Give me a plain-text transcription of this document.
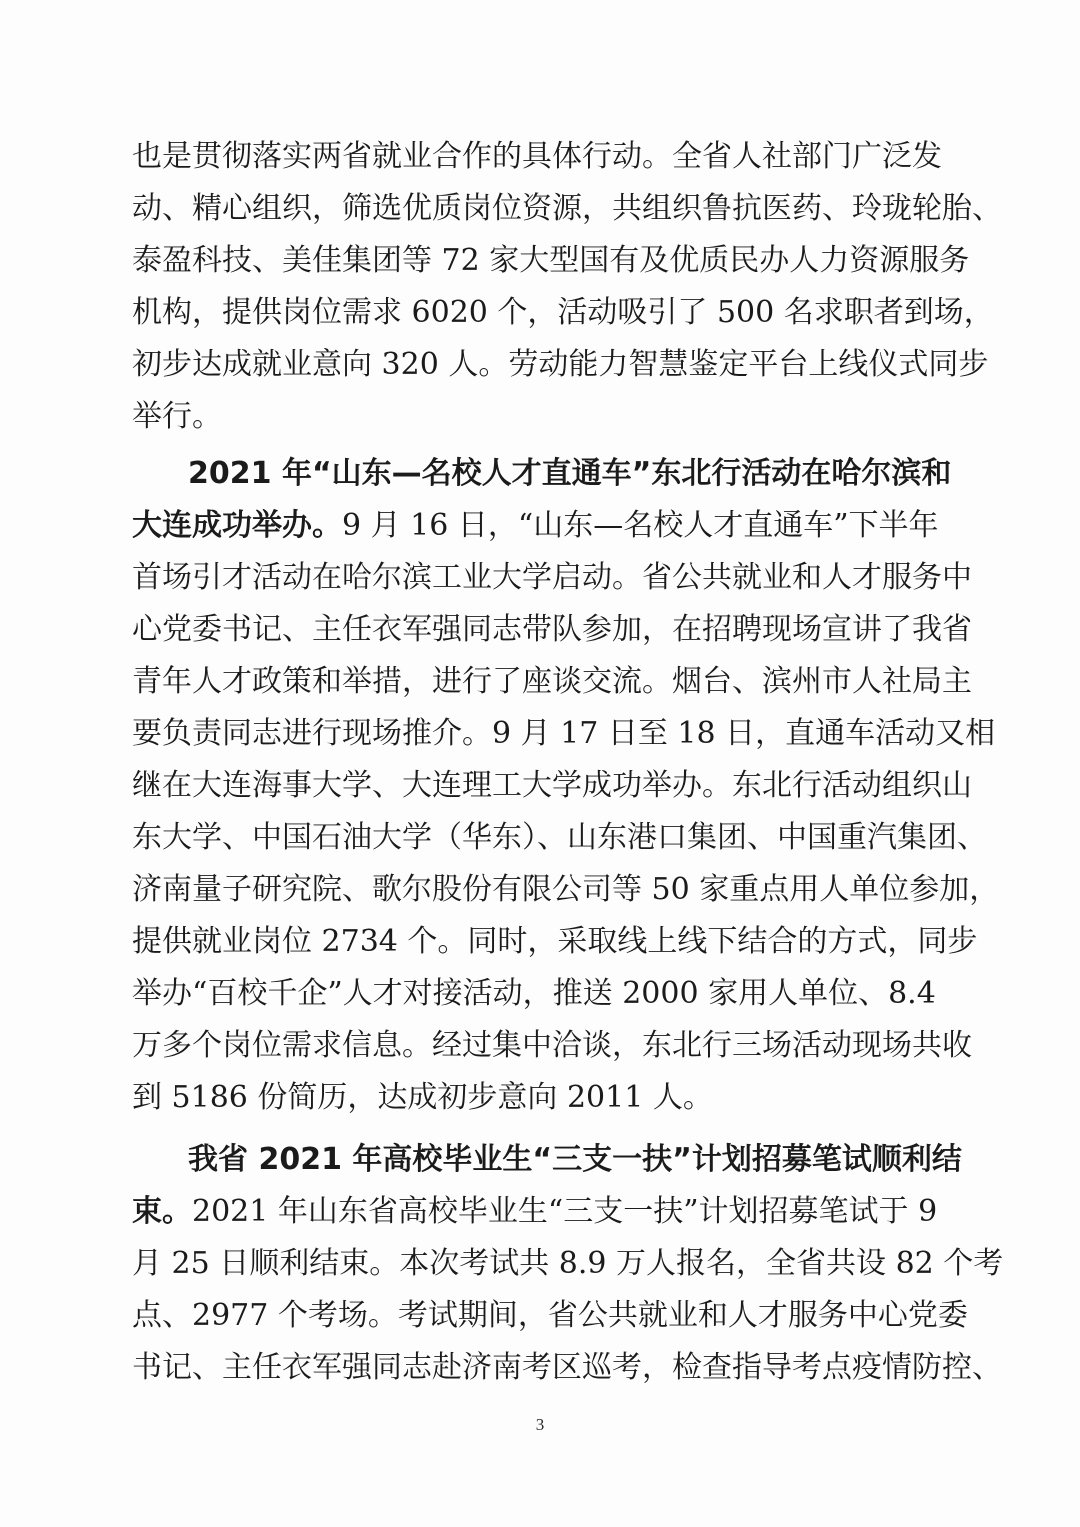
也是贯彻落实两省就业合作的具体行动。全省人社部门广泛发
动、精心组织，筛选优质岗位资源，共组织鲁抗医药、玲珑轮胎、
泰盈科技、美佳集团等 72 家大型国有及优质民办人力资源服务
机构，提供岗位需求 6020 个，活动吸引了 500 名求职者到场，
初步达成就业意向 320 人。劳动能力智慧鉴定平台上线仪式同步
举行。
2021 年“山东—名校人才直通车”东北行活动在哈尔滨和
大连成功举办。9 月 16 日，“山东—名校人才直通车”下半年
首场引才活动在哈尔滨工业大学启动。省公共就业和人才服务中
心党委书记、主任衣军强同志带队参加，在招聘现场宣讲了我省
青年人才政策和举措，进行了座谈交流。烟台、滨州市人社局主
要负责同志进行现场推介。9 月 17 日至 18 日，直通车活动又相
继在大连海事大学、大连理工大学成功举办。东北行活动组织山
东大学、中国石油大学（华东）、山东港口集团、中国重汽集团、
济南量子研究院、歌尔股份有限公司等 50 家重点用人单位参加，
提供就业岗位 2734 个。同时，采取线上线下结合的方式，同步
举办“百校千企”人才对接活动，推送 2000 家用人单位、8.4
万多个岗位需求信息。经过集中洽谈，东北行三场活动现场共收
到 5186 份简历，达成初步意向 2011 人。
我省 2021 年高校毕业生“三支一扶”计划招募笔试顺利结
束。2021 年山东省高校毕业生“三支一扶”计划招募笔试于 9
月 25 日顺利结束。本次考试共 8.9 万人报名，全省共设 82 个考
点、2977 个考场。考试期间，省公共就业和人才服务中心党委
书记、主任衣军强同志赴济南考区巡考，检查指导考点疫情防控、
3
